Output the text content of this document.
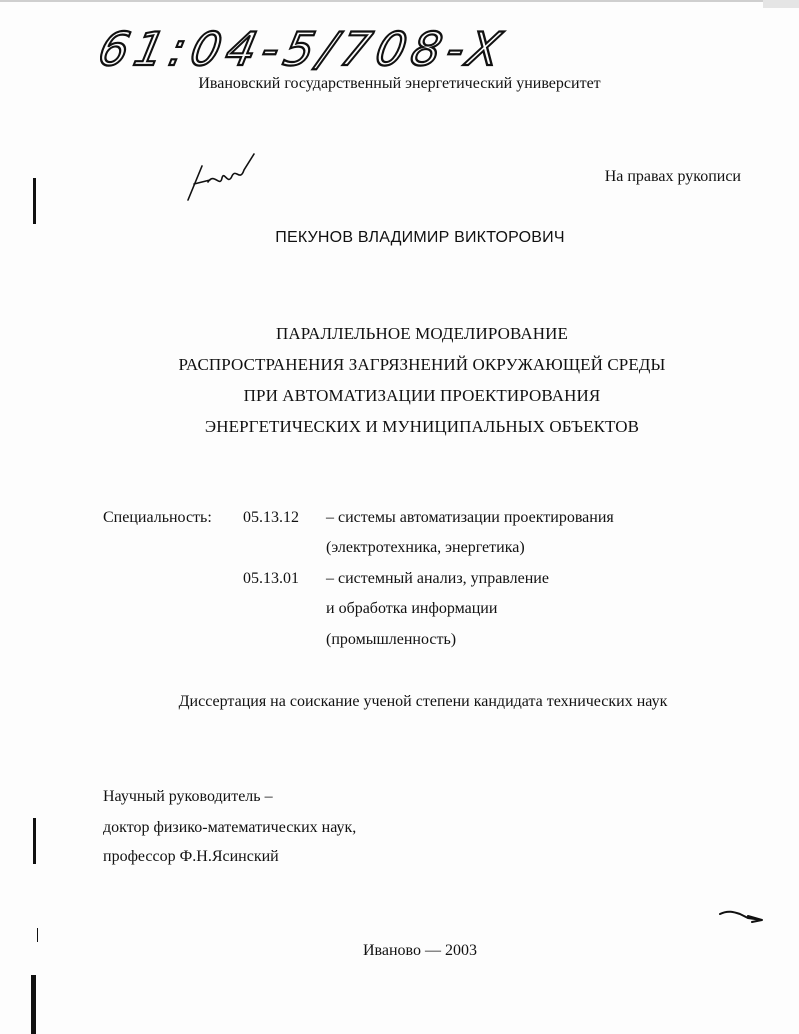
61:04-5/708-X
Ивановский государственный энергетический университет
На правах рукописи
ПЕКУНОВ ВЛАДИМИР ВИКТОРОВИЧ
ПАРАЛЛЕЛЬНОЕ МОДЕЛИРОВАНИЕ
РАСПРОСТРАНЕНИЯ ЗАГРЯЗНЕНИЙ ОКРУЖАЮЩЕЙ СРЕДЫ
ПРИ АВТОМАТИЗАЦИИ ПРОЕКТИРОВАНИЯ
ЭНЕРГЕТИЧЕСКИХ И МУНИЦИПАЛЬНЫХ ОБЪЕКТОВ
Специальность: 05.13.12 – системы автоматизации проектирования
(электротехника, энергетика)
05.13.01 – системный анализ, управление
и обработка информации
(промышленность)
Диссертация на соискание ученой степени кандидата технических наук
Научный руководитель –
доктор физико-математических наук,
профессор Ф.Н.Ясинский
Иваново — 2003
